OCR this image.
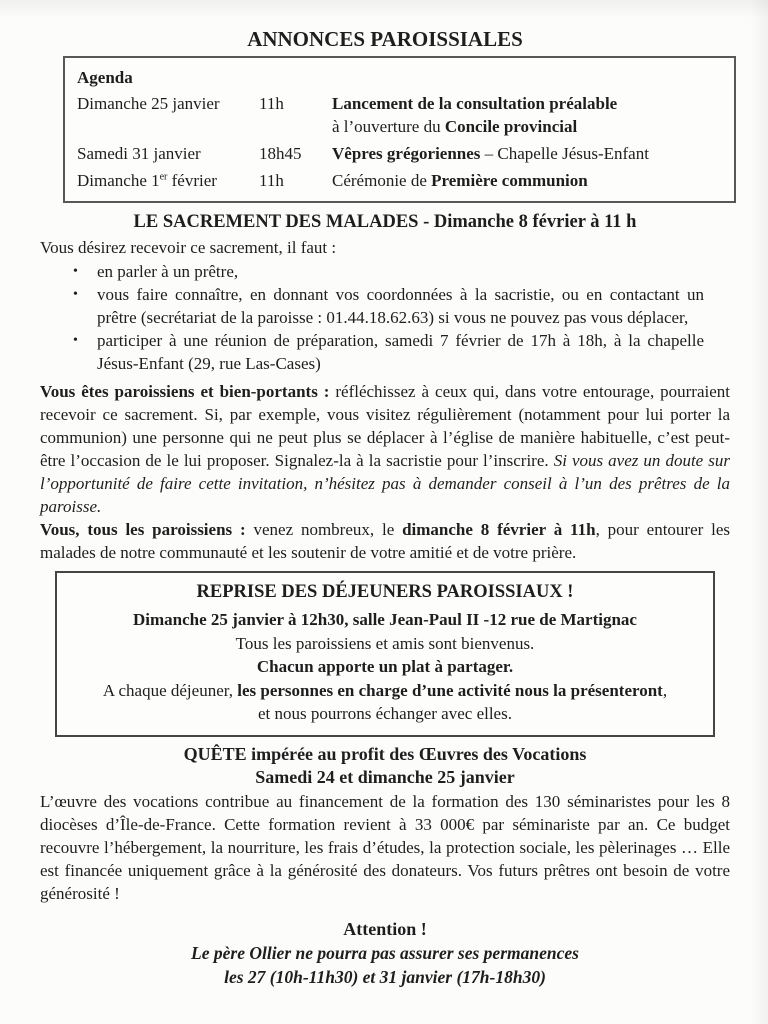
ANNONCES PAROISSIALES
Agenda
Dimanche 25 janvier	11h	Lancement de la consultation préalable
à l’ouverture du Concile provincial
Samedi 31 janvier	18h45	Vêpres grégoriennes – Chapelle Jésus-Enfant
Dimanche 1er février	11h	Cérémonie de Première communion
LE SACREMENT DES MALADES - Dimanche 8 février à 11 h

Vous désirez recevoir ce sacrement, il faut :

•	en parler à un prêtre,
•	vous faire connaître, en donnant vos coordonnées à la sacristie, ou en contactant un prêtre (secrétariat de la paroisse : 01.44.18.62.63) si vous ne pouvez pas vous déplacer,
•	participer à une réunion de préparation, samedi 7 février de 17h à 18h, à la chapelle Jésus-Enfant (29, rue Las-Cases)

Vous êtes paroissiens et bien-portants : réfléchissez à ceux qui, dans votre entourage, pourraient recevoir ce sacrement. Si, par exemple, vous visitez régulièrement (notamment pour lui porter la communion) une personne qui ne peut plus se déplacer à l’église de manière habituelle, c’est peut-être l’occasion de le lui proposer. Signalez-la à la sacristie pour l’inscrire. Si vous avez un doute sur l’opportunité de faire cette invitation, n’hésitez pas à demander conseil à l’un des prêtres de la paroisse.

Vous, tous les paroissiens : venez nombreux, le dimanche 8 février à 11h, pour entourer les malades de notre communauté et les soutenir de votre amitié et de votre prière.

REPRISE DES DÉJEUNERS PAROISSIAUX !
Dimanche 25 janvier à 12h30, salle Jean-Paul II -12 rue de Martignac
Tous les paroissiens et amis sont bienvenus.
Chacun apporte un plat à partager.
A chaque déjeuner, les personnes en charge d’une activité nous la présenteront,
et nous pourrons échanger avec elles.
QUÊTE impérée au profit des Œuvres des Vocations
Samedi 24 et dimanche 25 janvier

L’œuvre des vocations contribue au financement de la formation des 130 séminaristes pour les 8 diocèses d’Île-de-France. Cette formation revient à 33 000€ par séminariste par an. Ce budget recouvre l’hébergement, la nourriture, les frais d’études, la protection sociale, les pèlerinages … Elle est financée uniquement grâce à la générosité des donateurs. Vos futurs prêtres ont besoin de votre générosité !

Attention !
Le père Ollier ne pourra pas assurer ses permanences
les 27 (10h-11h30) et 31 janvier (17h-18h30)
